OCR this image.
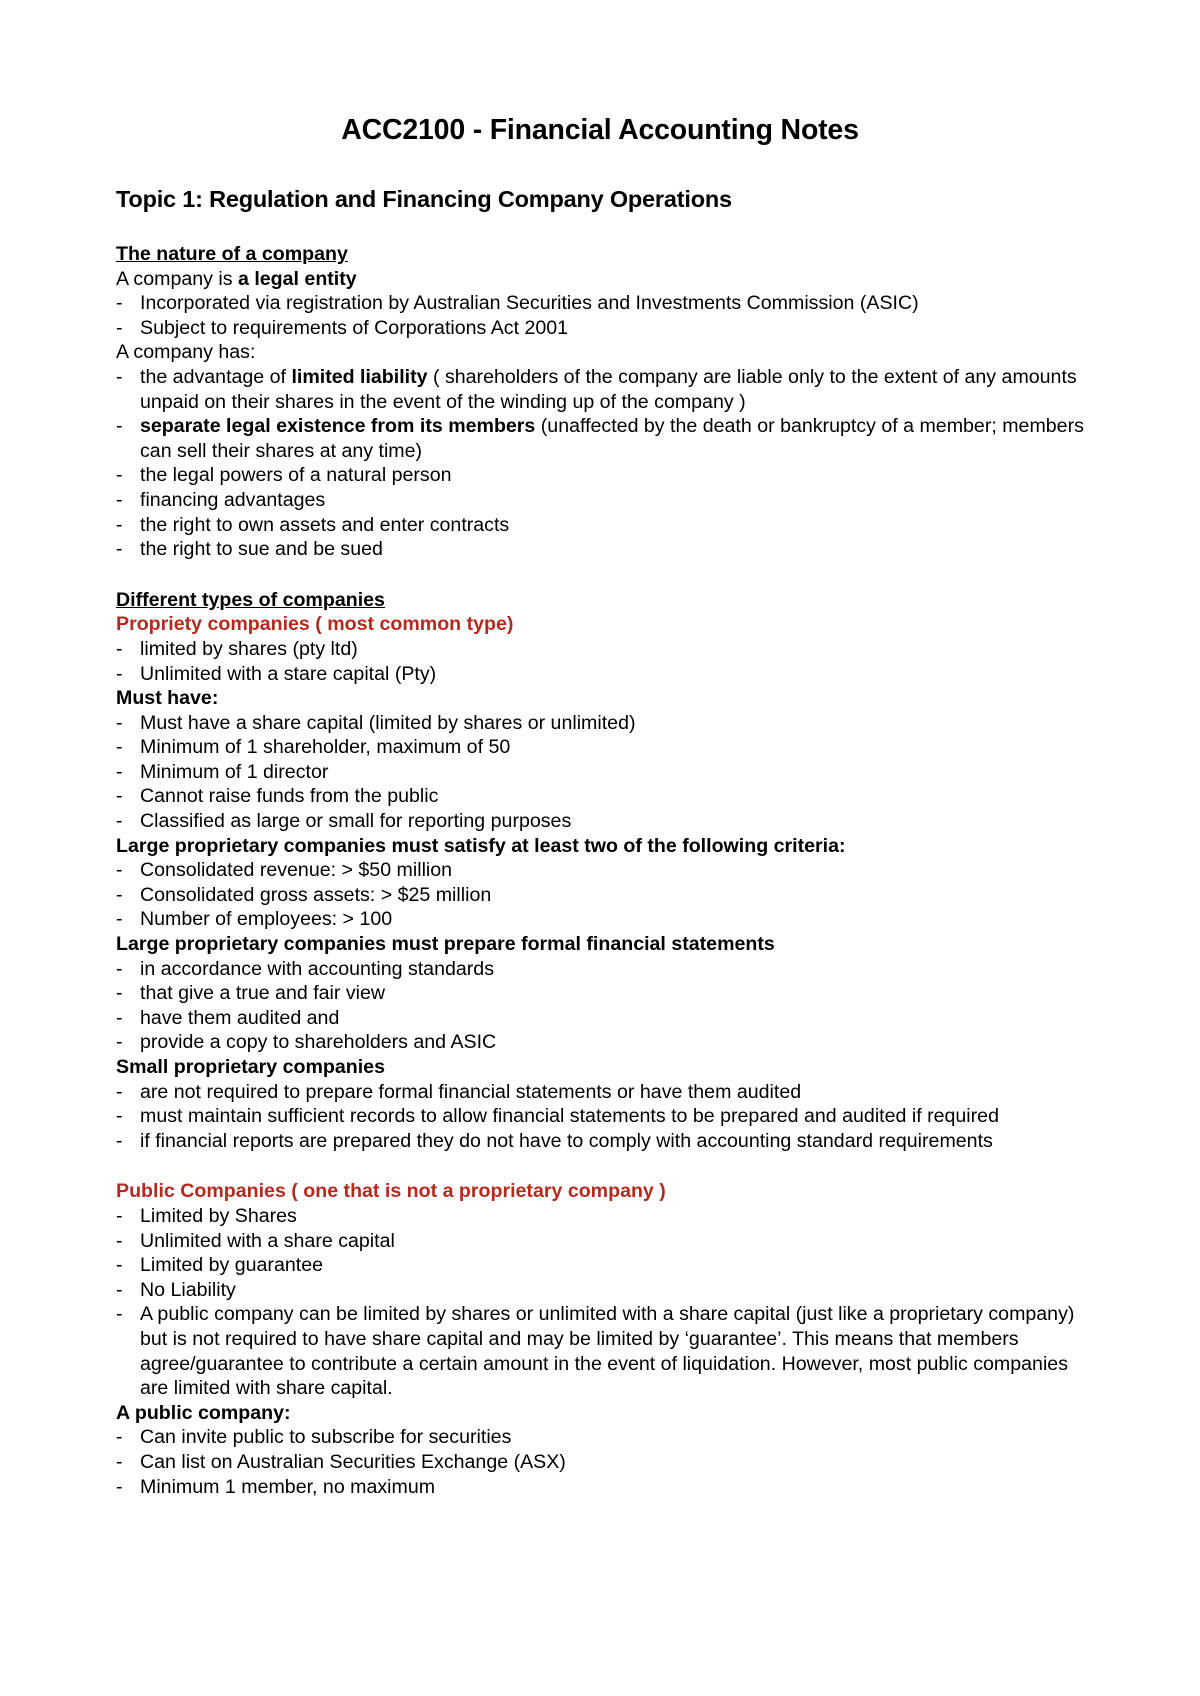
ACC2100 - Financial Accounting Notes
Topic 1: Regulation and Financing Company Operations
The nature of a company
A company is a legal entity
- Incorporated via registration by Australian Securities and Investments Commission (ASIC)
- Subject to requirements of Corporations Act 2001
A company has:
- the advantage of limited liability ( shareholders of the company are liable only to the extent of any amounts unpaid on their shares in the event of the winding up of the company )
- separate legal existence from its members (unaffected by the death or bankruptcy of a member; members can sell their shares at any time)
- the legal powers of a natural person
- financing advantages
- the right to own assets and enter contracts
- the right to sue and be sued
Different types of companies
Propriety companies ( most common type)
- limited by shares (pty ltd)
- Unlimited with a stare capital (Pty)
Must have:
- Must have a share capital (limited by shares or unlimited)
- Minimum of 1 shareholder, maximum of 50
- Minimum of 1 director
- Cannot raise funds from the public
- Classified as large or small for reporting purposes
Large proprietary companies must satisfy at least two of the following criteria:
- Consolidated revenue: > $50 million
- Consolidated gross assets: > $25 million
- Number of employees: > 100
Large proprietary companies must prepare formal financial statements
- in accordance with accounting standards
- that give a true and fair view
- have them audited and
- provide a copy to shareholders and ASIC
Small proprietary companies
- are not required to prepare formal financial statements or have them audited
- must maintain sufficient records to allow financial statements to be prepared and audited if required
- if financial reports are prepared they do not have to comply with accounting standard requirements
Public Companies ( one that is not a proprietary company )
- Limited by Shares
- Unlimited with a share capital
- Limited by guarantee
- No Liability
- A public company can be limited by shares or unlimited with a share capital (just like a proprietary company) but is not required to have share capital and may be limited by ‘guarantee’. This means that members agree/guarantee to contribute a certain amount in the event of liquidation. However, most public companies are limited with share capital.
A public company:
- Can invite public to subscribe for securities
- Can list on Australian Securities Exchange (ASX)
- Minimum 1 member, no maximum
